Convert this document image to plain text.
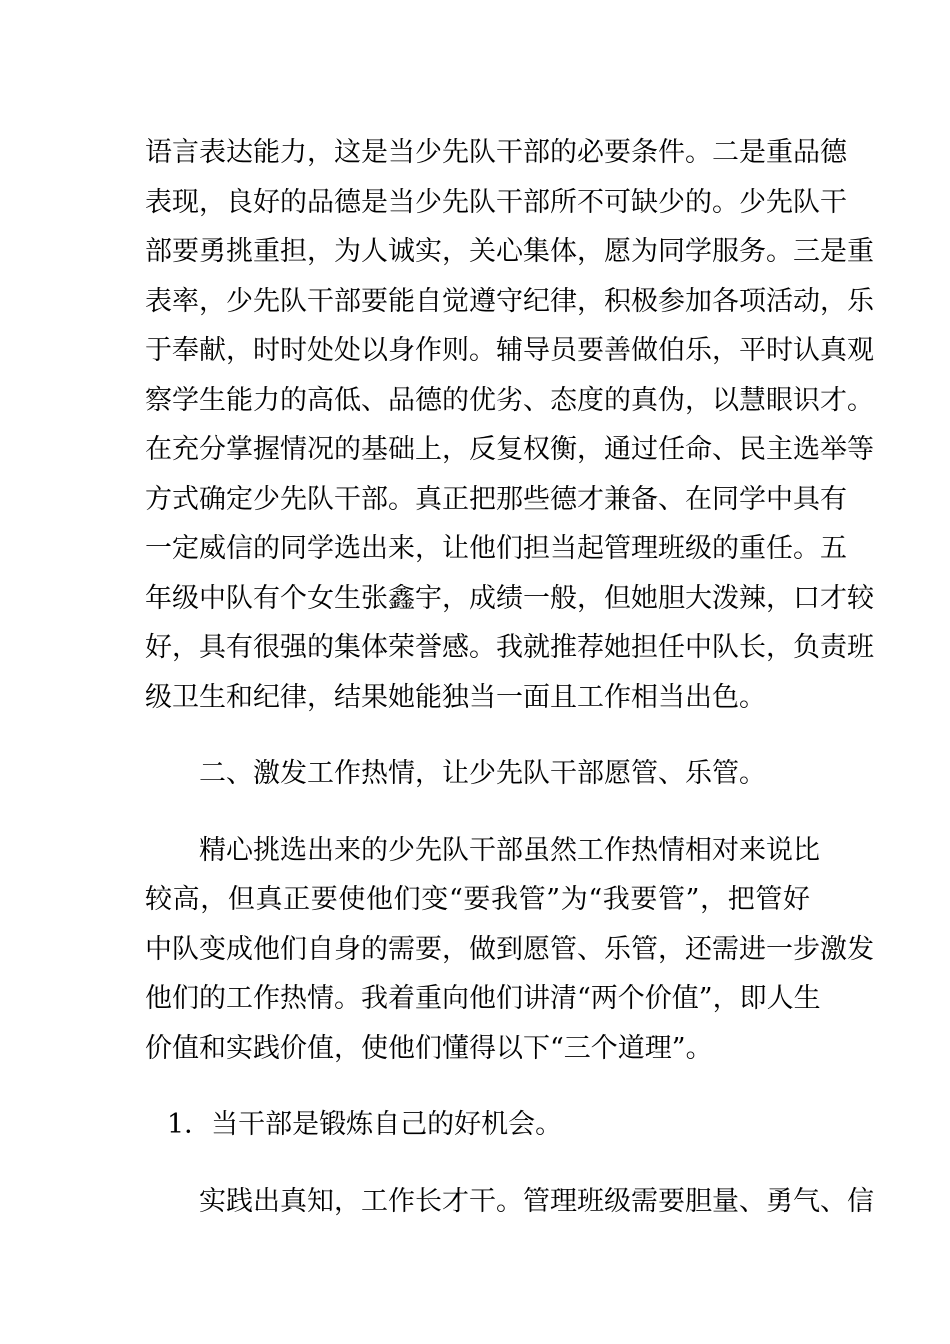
语言表达能力，这是当少先队干部的必要条件。二是重品德
表现，良好的品德是当少先队干部所不可缺少的。少先队干
部要勇挑重担，为人诚实，关心集体，愿为同学服务。三是重
表率，少先队干部要能自觉遵守纪律，积极参加各项活动，乐
于奉献，时时处处以身作则。辅导员要善做伯乐，平时认真观
察学生能力的高低、品德的优劣、态度的真伪，以慧眼识才。
在充分掌握情况的基础上，反复权衡，通过任命、民主选举等
方式确定少先队干部。真正把那些德才兼备、在同学中具有
一定威信的同学选出来，让他们担当起管理班级的重任。五
年级中队有个女生张鑫宇，成绩一般，但她胆大泼辣，口才较
好，具有很强的集体荣誉感。我就推荐她担任中队长，负责班
级卫生和纪律，结果她能独当一面且工作相当出色。
二、激发工作热情，让少先队干部愿管、乐管。
精心挑选出来的少先队干部虽然工作热情相对来说比
较高，但真正要使他们变“要我管”为“我要管”，把管好
中队变成他们自身的需要，做到愿管、乐管，还需进一步激发
他们的工作热情。我着重向他们讲清“两个价值”，即人生
价值和实践价值，使他们懂得以下“三个道理”。
1．当干部是锻炼自己的好机会。
实践出真知，工作长才干。管理班级需要胆量、勇气、信
